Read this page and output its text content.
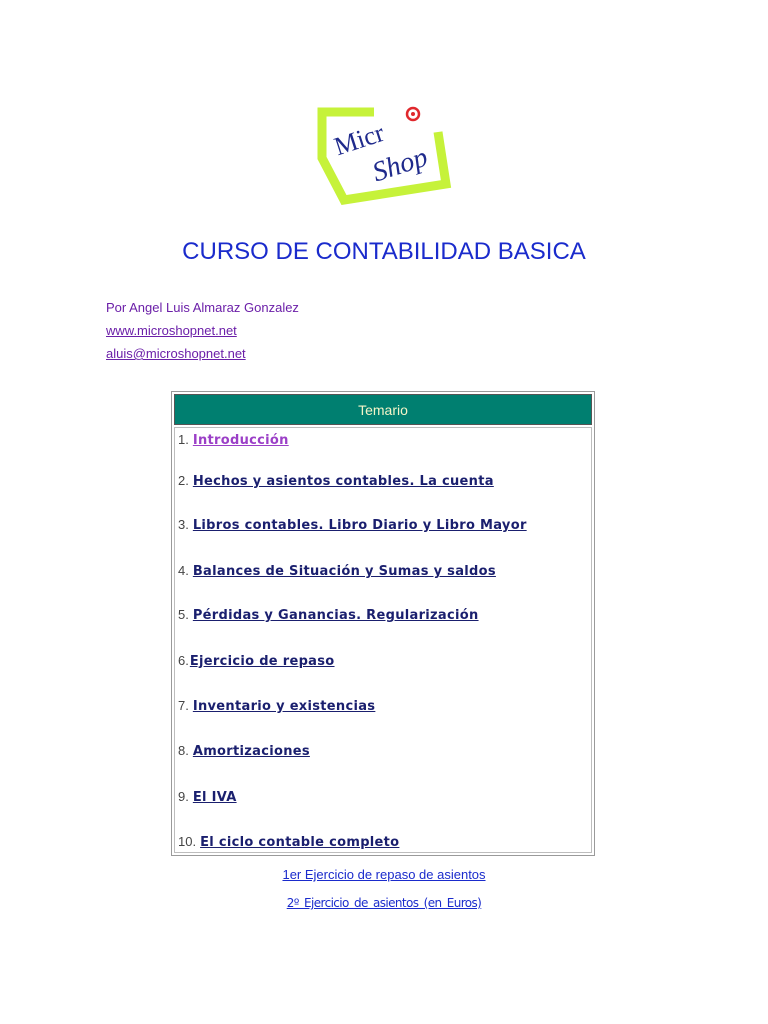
Micr
Shop
CURSO DE CONTABILIDAD BASICA
Por Angel Luis Almaraz Gonzalez
www.microshopnet.net
aluis@microshopnet.net
Temario
1. Introducción
2. Hechos y asientos contables. La cuenta
3. Libros contables. Libro Diario y Libro Mayor
4. Balances de Situación y Sumas y saldos
5. Pérdidas y Ganancias. Regularización
6.Ejercicio de repaso
7. Inventario y existencias
8. Amortizaciones
9. El IVA
10. El ciclo contable completo
1er Ejercicio de repaso de asientos
2º Ejercicio de asientos (en Euros)
